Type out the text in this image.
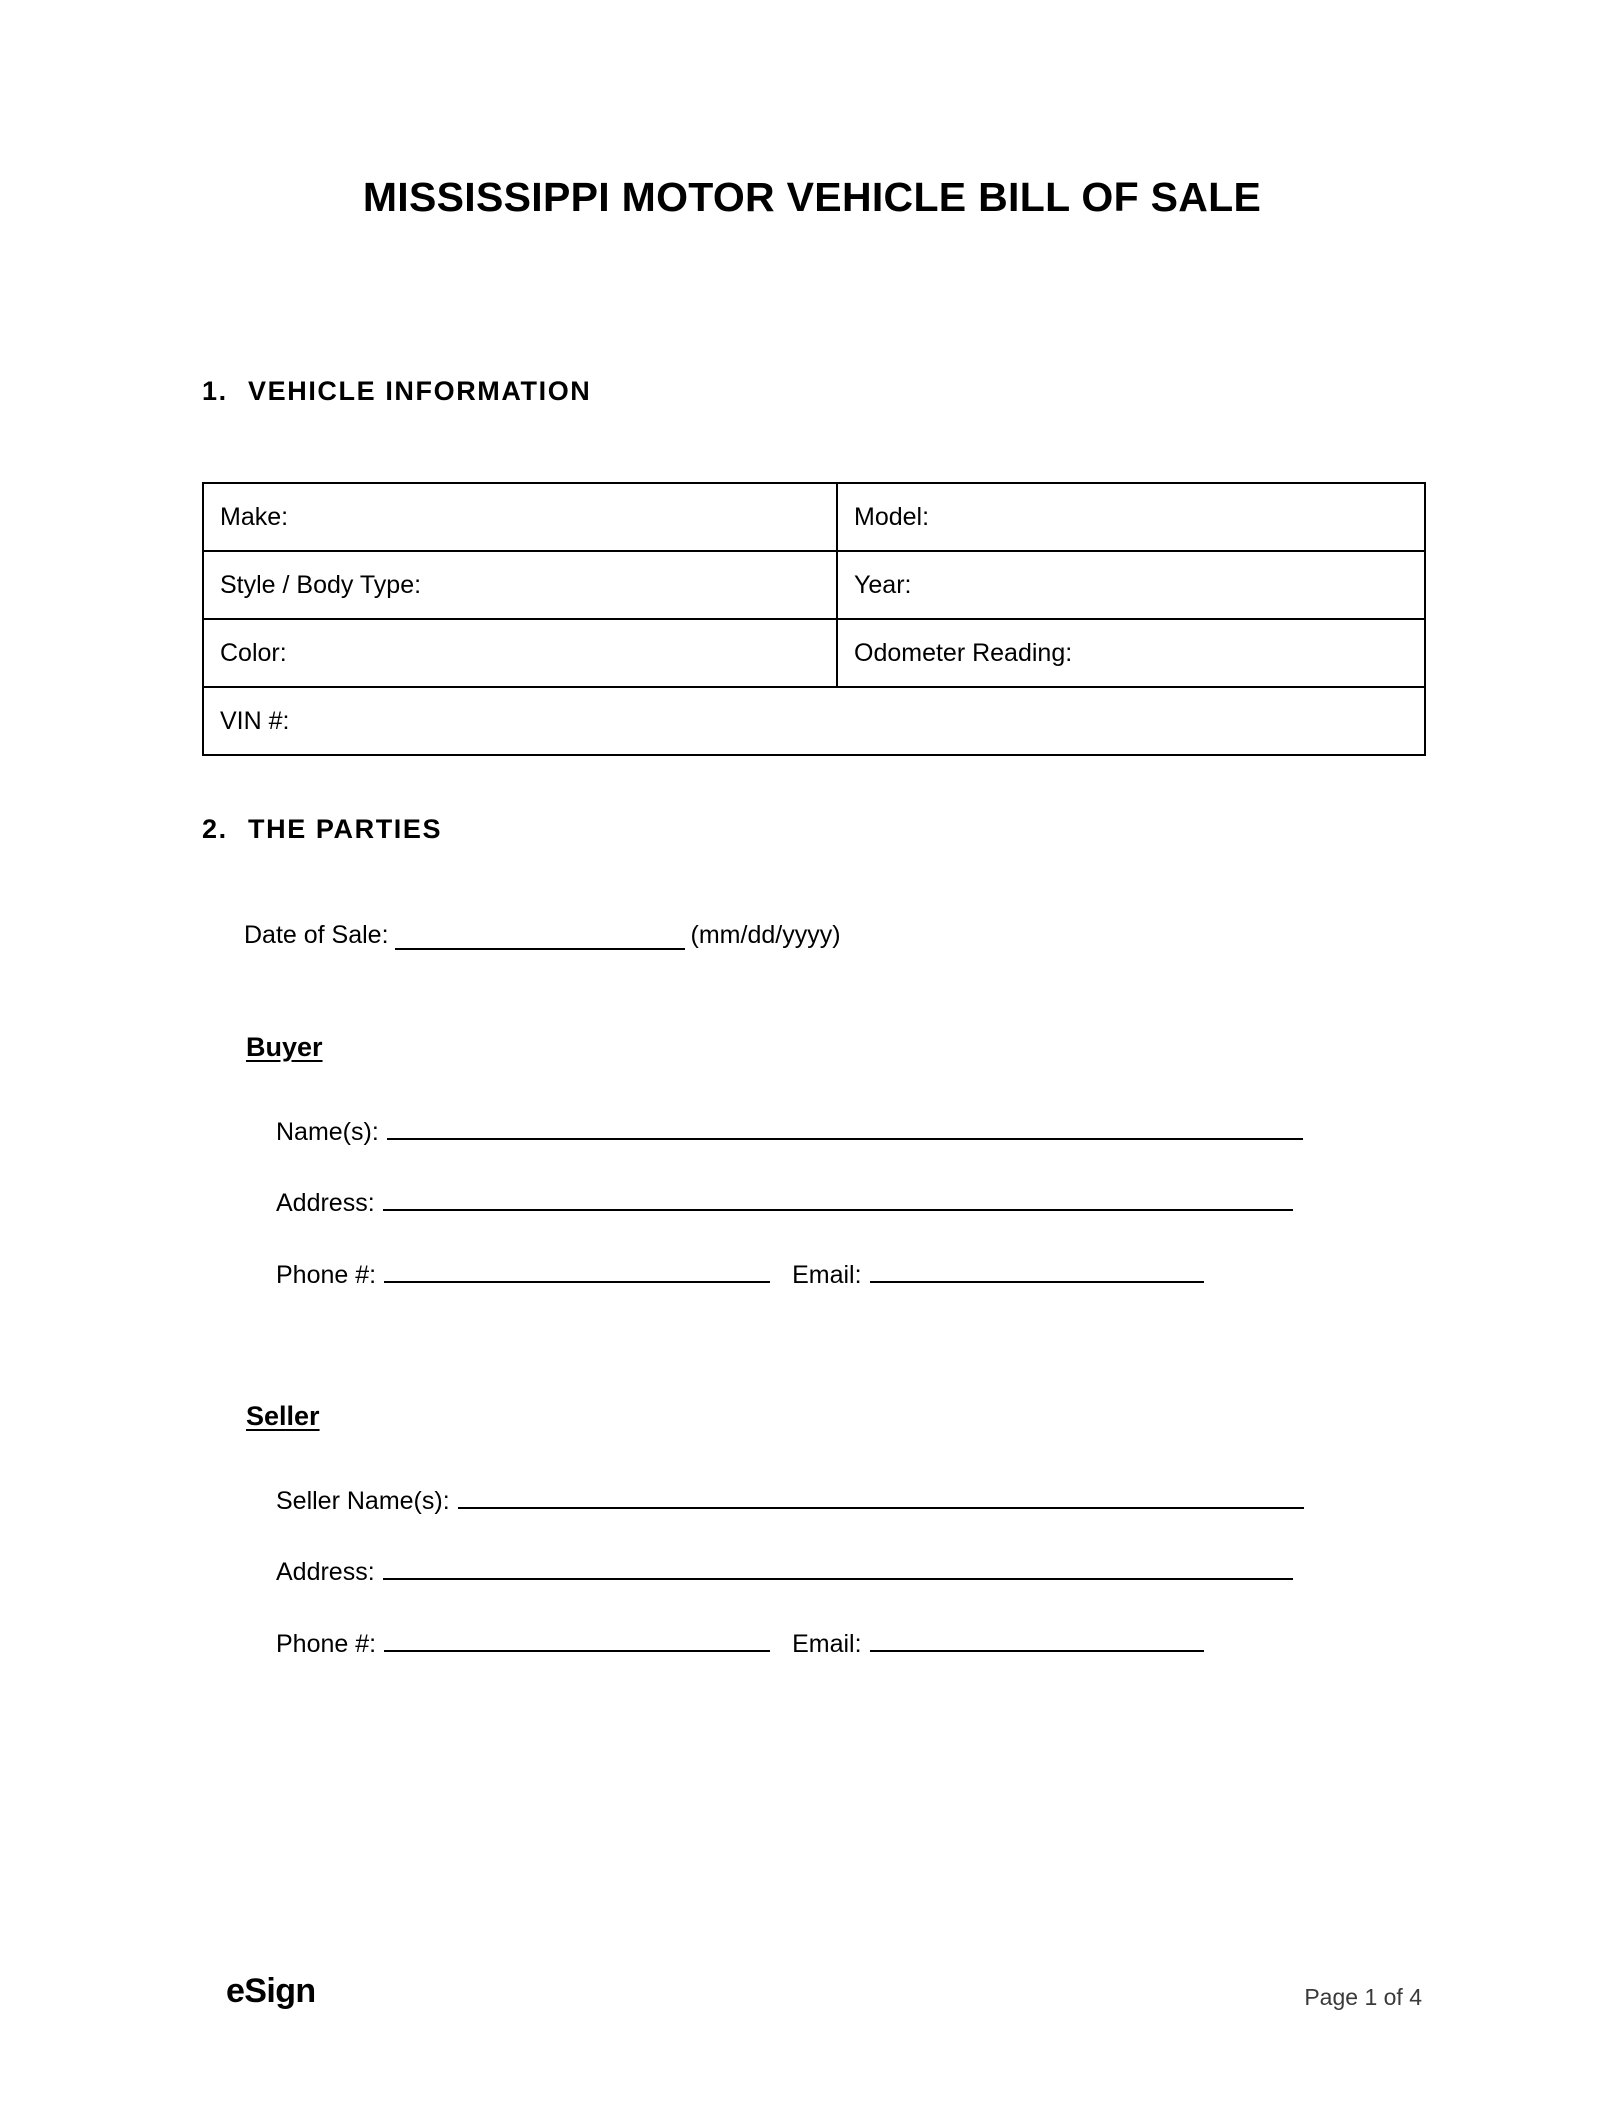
MISSISSIPPI MOTOR VEHICLE BILL OF SALE
1. VEHICLE INFORMATION
Make:	Model:
Style / Body Type:	Year:
Color:	Odometer Reading:
VIN #:	
2. THE PARTIES
Date of Sale:	(mm/dd/yyyy)
Buyer
Name(s):
Address:
Phone #:	Email:
Seller
Seller Name(s):
Address:
Phone #:	Email:
eSign	Page 1 of 4
